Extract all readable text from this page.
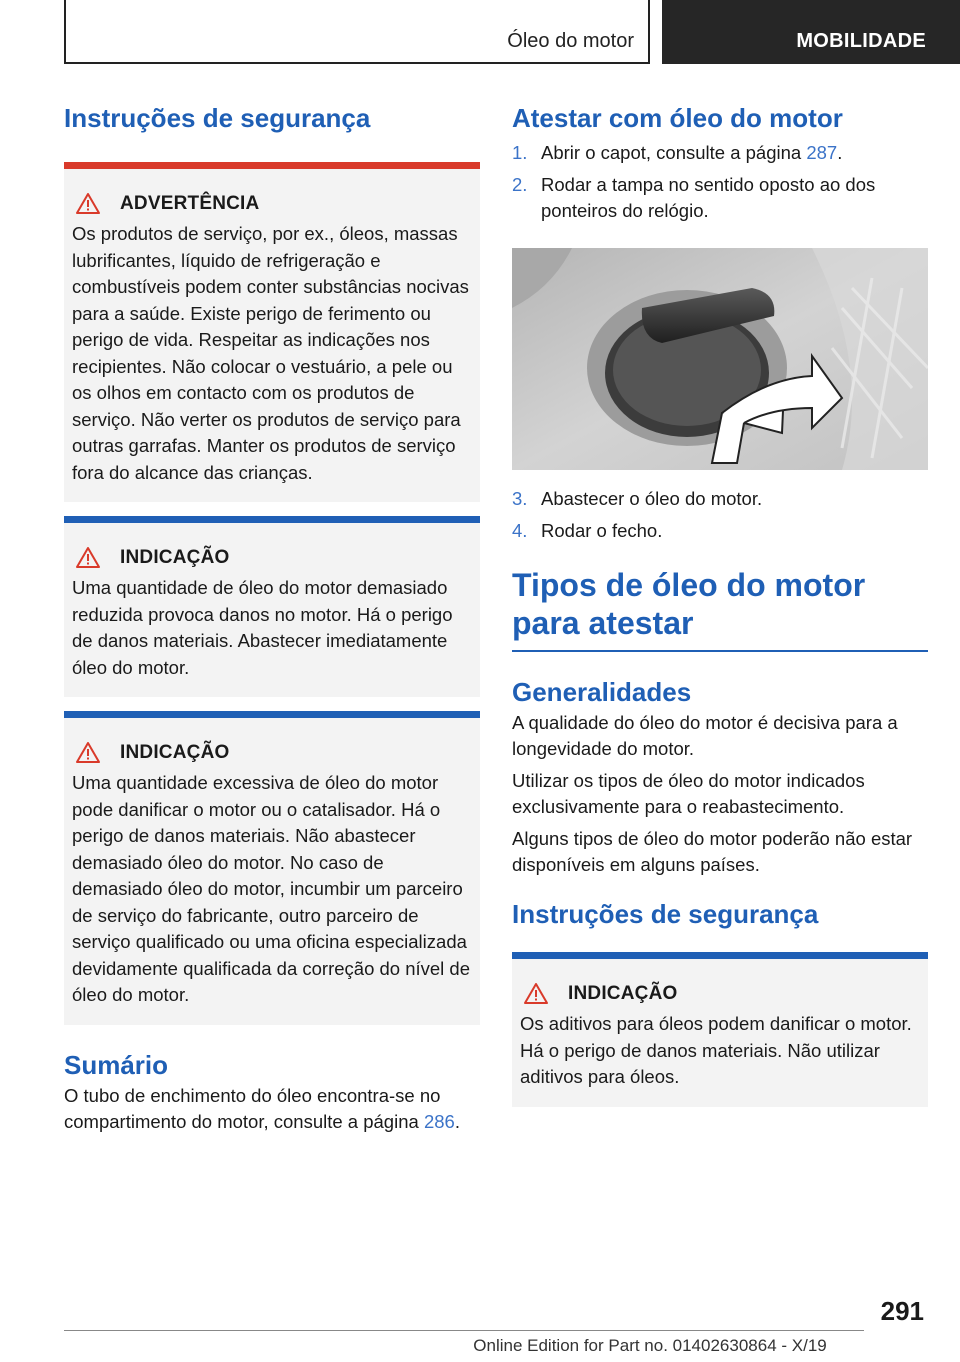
Óleo do motor	MOBILIDADE
Instruções de segurança
ADVERTÊNCIA

Os produtos de serviço, por ex., óleos, massas lubrificantes, líquido de refrigeração e combustíveis podem conter substâncias nocivas para a saúde. Existe perigo de ferimento ou perigo de vida. Respeitar as indicações nos recipientes. Não colocar o vestuário, a pele ou os olhos em contacto com os produtos de serviço. Não verter os produtos de serviço para outras garrafas. Manter os produtos de serviço fora do alcance das crianças.

INDICAÇÃO

Uma quantidade de óleo do motor demasiado reduzida provoca danos no motor. Há o perigo de danos materiais. Abastecer imediatamente óleo do motor.

INDICAÇÃO

Uma quantidade excessiva de óleo do motor pode danificar o motor ou o catalisador. Há o perigo de danos materiais. Não abastecer demasiado óleo do motor. No caso de demasiado óleo do motor, incumbir um parceiro de serviço do fabricante, outro parceiro de serviço qualificado ou uma oficina especializada devidamente qualificada da correção do nível de óleo do motor.

Sumário

O tubo de enchimento do óleo encontra-se no compartimento do motor, consulte a página 286.

Atestar com óleo do motor
1. Abrir o capot, consulte a página 287.
2. Rodar a tampa no sentido oposto ao dos ponteiros do relógio.
3. Abastecer o óleo do motor.
4. Rodar o fecho.
Tipos de óleo do motor para atestar
Generalidades

A qualidade do óleo do motor é decisiva para a longevidade do motor.

Utilizar os tipos de óleo do motor indicados exclusivamente para o reabastecimento.

Alguns tipos de óleo do motor poderão não estar disponíveis em alguns países.

Instruções de segurança
INDICAÇÃO

Os aditivos para óleos podem danificar o motor. Há o perigo de danos materiais. Não utilizar aditivos para óleos.

291
Online Edition for Part no. 01402630864 - X/19
